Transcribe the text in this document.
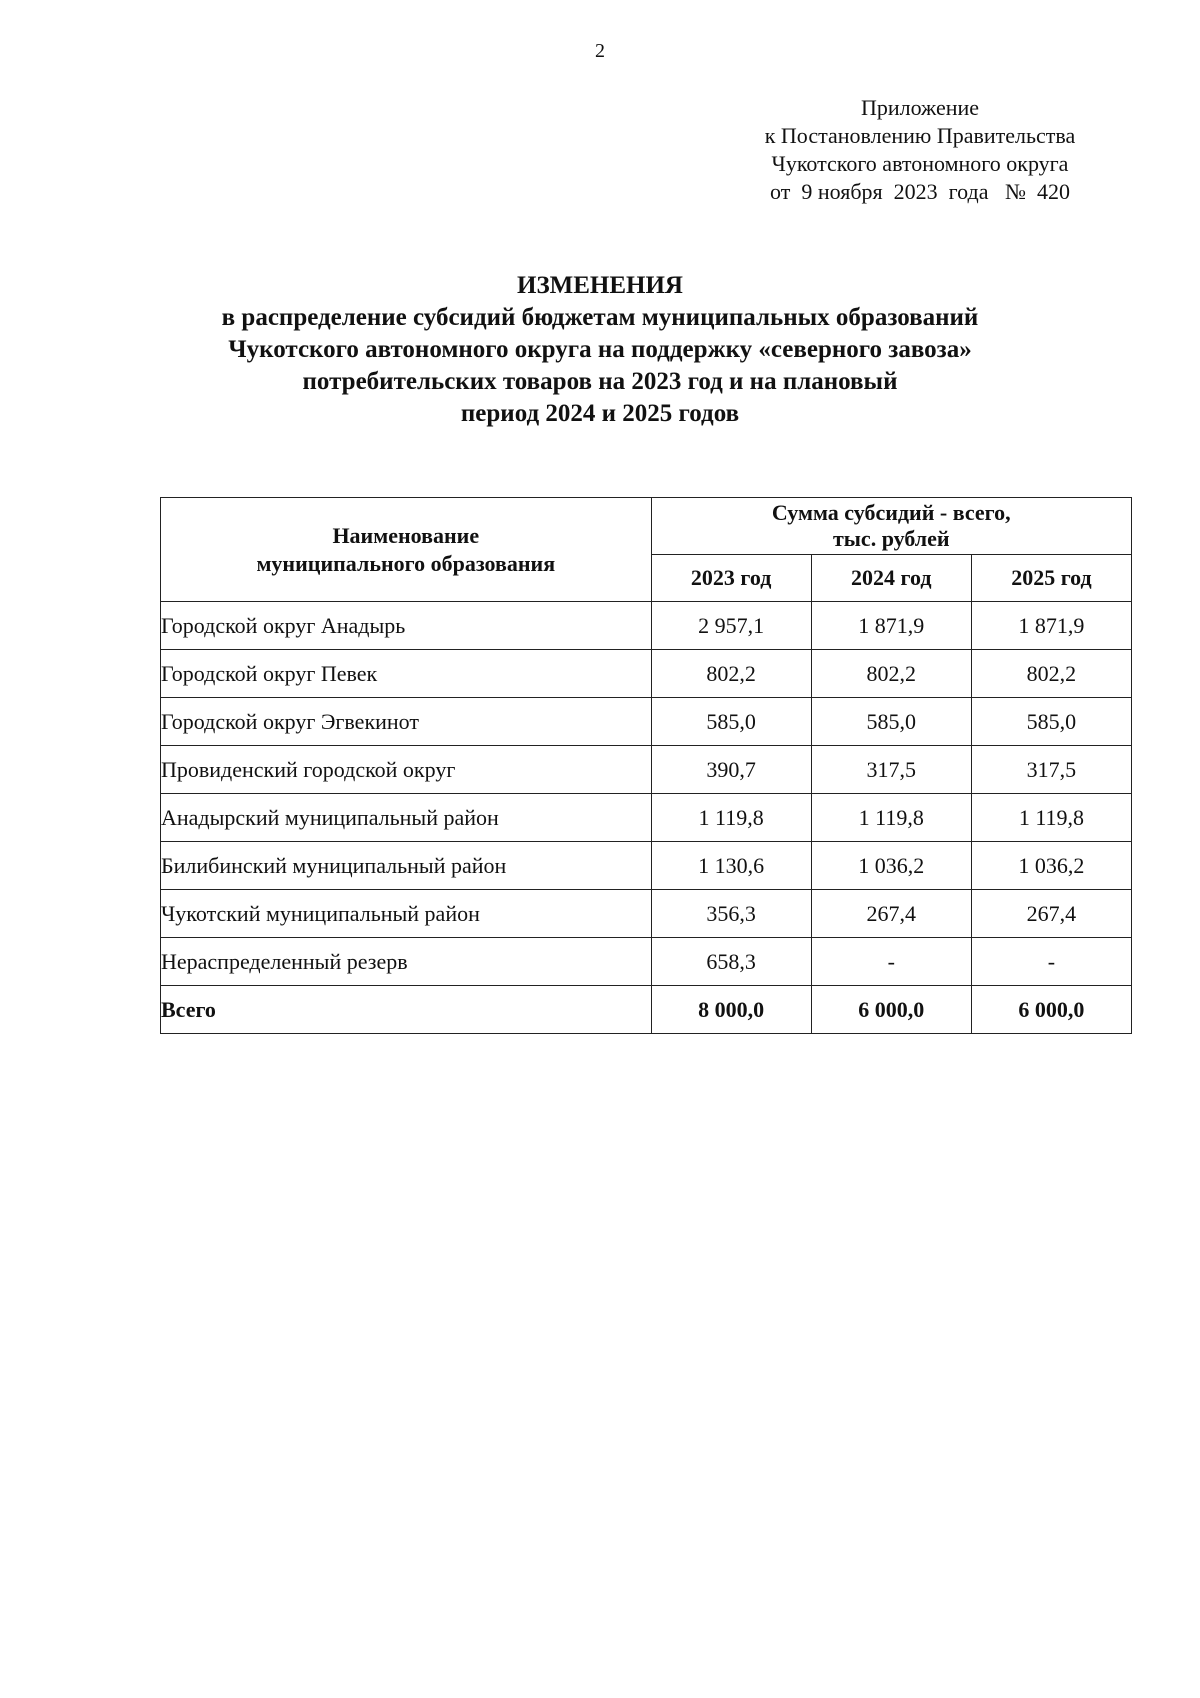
2
Приложение
к Постановлению Правительства
Чукотского автономного округа
от  9 ноября  2023  года   №  420
ИЗМЕНЕНИЯ
в распределение субсидий бюджетам муниципальных образований
Чукотского автономного округа на поддержку «северного завоза»
потребительских товаров на 2023 год и на плановый
период 2024 и 2025 годов
Наименование
муниципального образования	Сумма субсидий - всего,
тыс. рублей		

	2023 год	2024 год	2025 год
Городской округ Анадырь	2 957,1	1 871,9	1 871,9
Городской округ Певек	802,2	802,2	802,2
Городской округ Эгвекинот	585,0	585,0	585,0
Провиденский городской округ	390,7	317,5	317,5
Анадырский муниципальный район	1 119,8	1 119,8	1 119,8
Билибинский муниципальный район	1 130,6	1 036,2	1 036,2
Чукотский муниципальный район	356,3	267,4	267,4
Нераспределенный резерв	658,3	-	-
Всего	8 000,0	6 000,0	6 000,0
